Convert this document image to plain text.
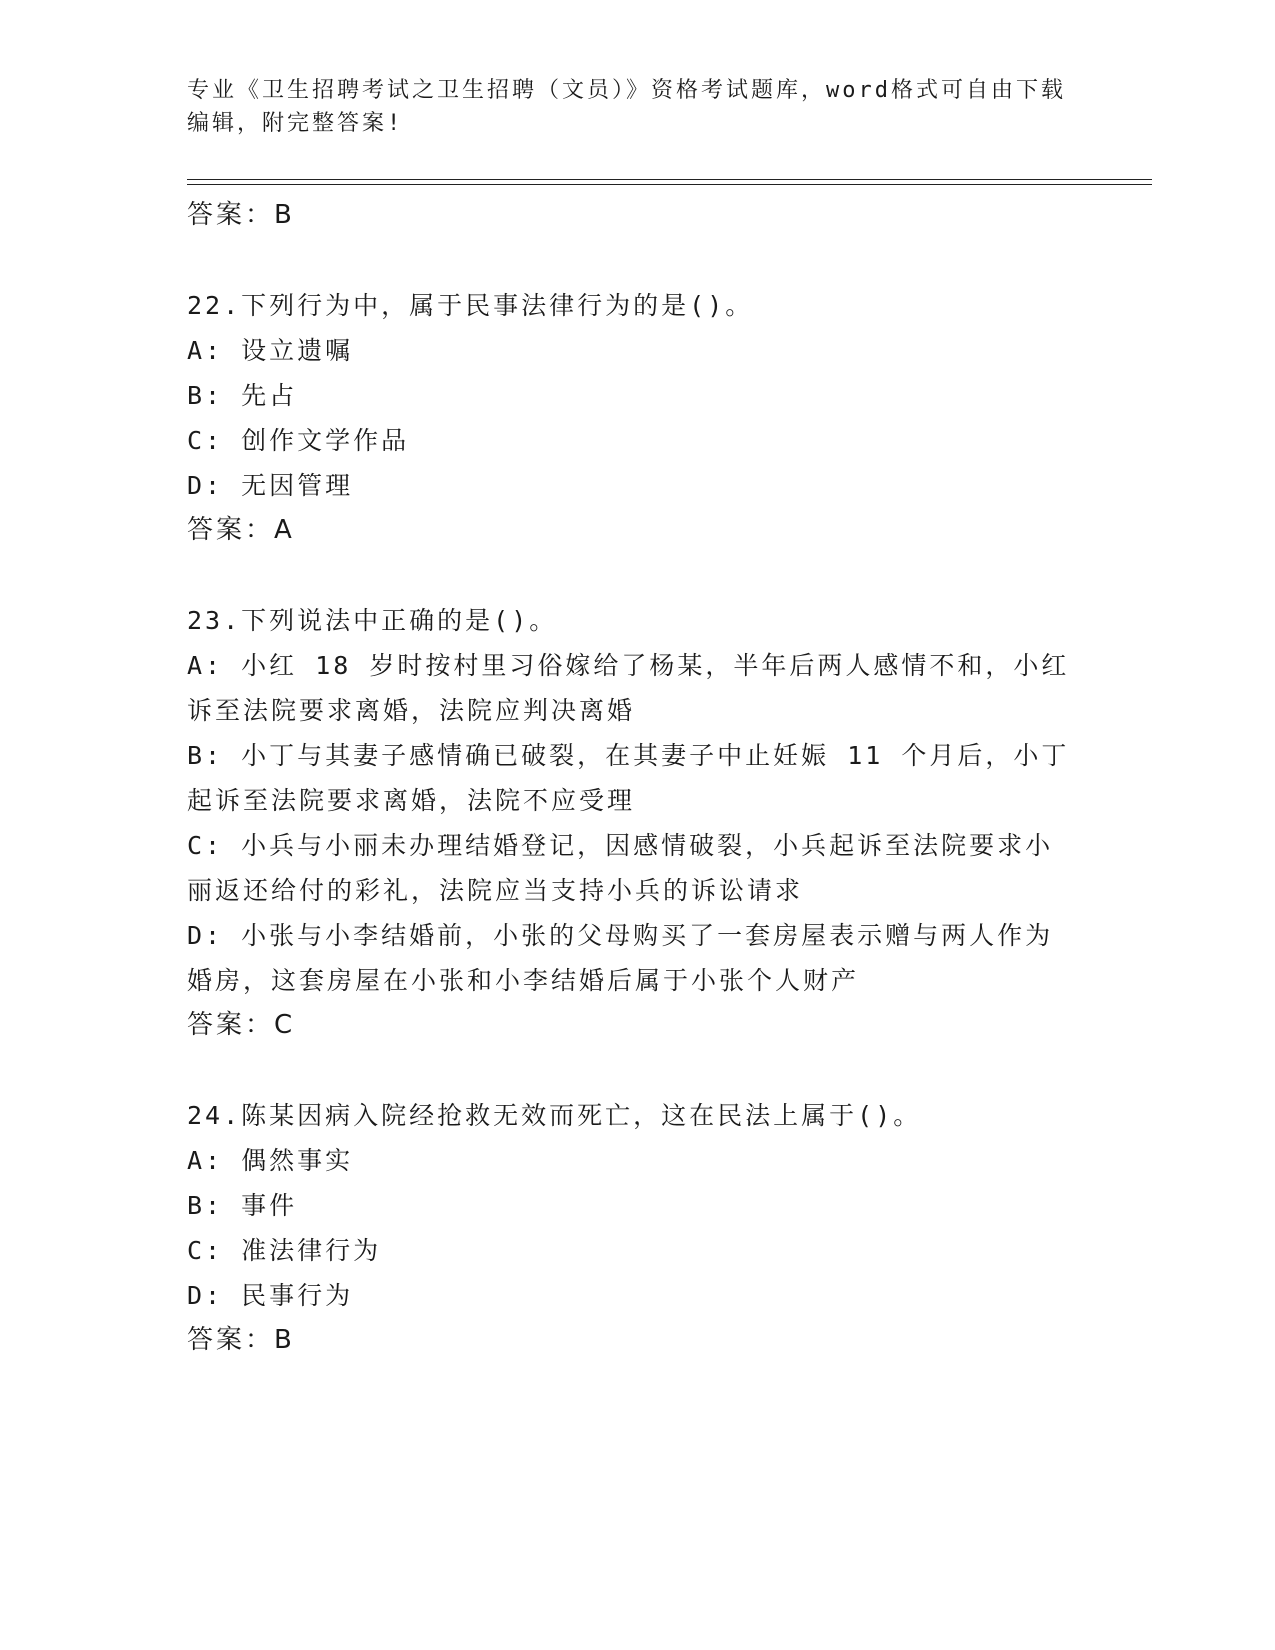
专业《卫生招聘考试之卫生招聘（文员）》资格考试题库，word格式可自由下载
编辑，附完整答案!
答案：B
22.下列行为中，属于民事法律行为的是()。
A: 设立遗嘱
B: 先占
C: 创作文学作品
D: 无因管理
答案：A
23.下列说法中正确的是()。
A: 小红 18 岁时按村里习俗嫁给了杨某，半年后两人感情不和，小红
诉至法院要求离婚，法院应判决离婚
B: 小丁与其妻子感情确已破裂，在其妻子中止妊娠 11 个月后，小丁
起诉至法院要求离婚，法院不应受理
C: 小兵与小丽未办理结婚登记，因感情破裂，小兵起诉至法院要求小
丽返还给付的彩礼，法院应当支持小兵的诉讼请求
D: 小张与小李结婚前，小张的父母购买了一套房屋表示赠与两人作为
婚房，这套房屋在小张和小李结婚后属于小张个人财产
答案：C
24.陈某因病入院经抢救无效而死亡，这在民法上属于()。
A: 偶然事实
B: 事件
C: 准法律行为
D: 民事行为
答案：B
